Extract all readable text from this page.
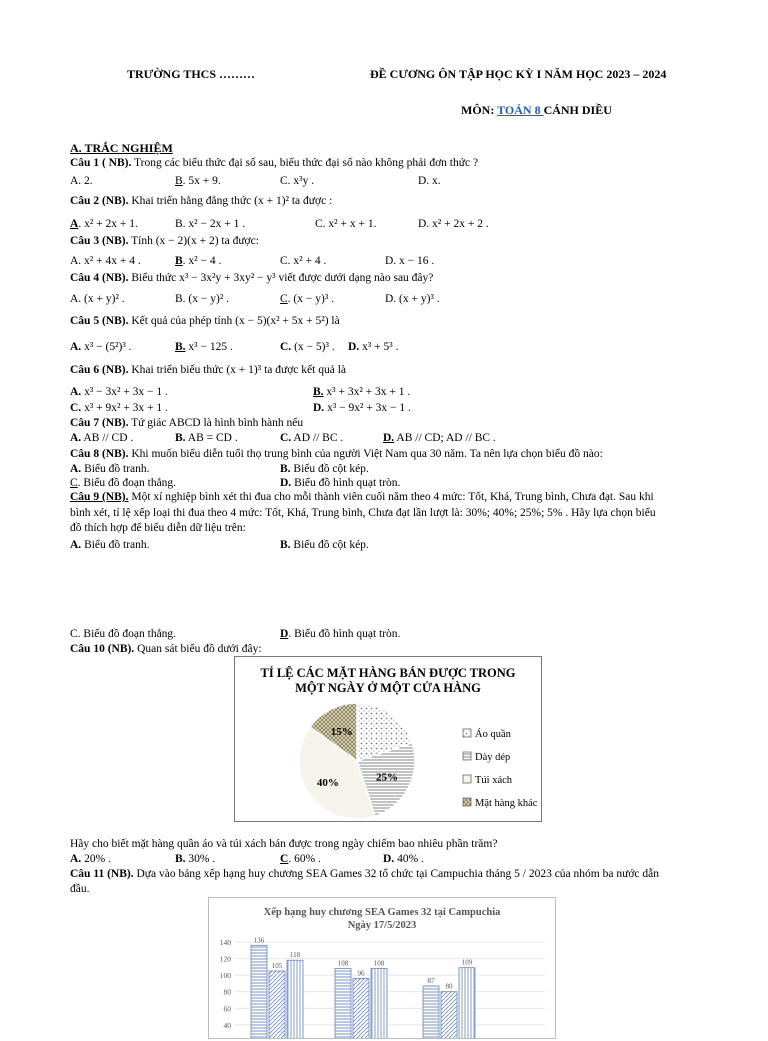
TRƯỜNG THCS ………	ĐỀ CƯƠNG ÔN TẬP HỌC KỲ I NĂM HỌC 2023 – 2024
MÔN: TOÁN 8 CÁNH DIỀU
A. TRẮC NGHIỆM
Câu 1 ( NB). Trong các biểu thức đại số sau, biểu thức đại số nào không phải đơn thức ?
A. 2.	B. 5x + 9.	C. x³y .	D. x.
Câu 2 (NB). Khai triển hằng đẳng thức (x + 1)² ta được :
A. x² + 2x + 1.	B. x² − 2x + 1 .	C. x² + x + 1.	D. x² + 2x + 2 .
Câu 3 (NB). Tính (x − 2)(x + 2) ta được:
A. x² + 4x + 4 .	B. x² − 4 .	C. x² + 4 .	D. x − 16 .
Câu 4 (NB). Biểu thức x³ − 3x²y + 3xy² − y³ viết được dưới dạng nào sau đây?
A. (x + y)² .	B. (x − y)² .	C. (x − y)³ .	D. (x + y)³ .
Câu 5 (NB). Kết quả của phép tính (x − 5)(x² + 5x + 5²) là
A. x³ − (5²)³ .	B. x³ − 125 .	C. (x − 5)³ . D. x³ + 5³ .
Câu 6 (NB). Khai triển biểu thức (x + 1)³ ta được kết quả là
A. x³ − 3x² + 3x − 1 .	B. x³ + 3x² + 3x + 1 .
C. x³ + 9x² + 3x + 1 .	D. x³ − 9x² + 3x − 1 .
Câu 7 (NB). Tứ giác ABCD là hình bình hành nếu
A. AB // CD .	B. AB = CD .	C. AD // BC .	D. AB // CD; AD // BC .
Câu 8 (NB). Khi muốn biểu diễn tuổi thọ trung bình của người Việt Nam qua 30 năm. Ta nên lựa chọn biểu đồ nào:
A. Biểu đồ tranh.	B. Biểu đồ cột kép.
C. Biểu đồ đoạn thẳng.	D. Biểu đồ hình quạt tròn.
Câu 9 (NB). Một xí nghiệp bình xét thi đua cho mỗi thành viên cuối năm theo 4 mức: Tốt, Khá, Trung bình, Chưa đạt. Sau khi
bình xét, tỉ lệ xếp loại thi đua theo 4 mức: Tốt, Khá, Trung bình, Chưa đạt lần lượt là: 30%; 40%; 25%; 5% . Hãy lựa chọn biểu
đồ thích hợp để biểu diễn dữ liệu trên:
A. Biểu đồ tranh.	B. Biểu đồ cột kép.
C. Biểu đồ đoạn thẳng.	D. Biểu đồ hình quạt tròn.
Câu 10 (NB). Quan sát biểu đồ dưới đây:
TỈ LỆ CÁC MẶT HÀNG BÁN ĐƯỢC TRONG
MỘT NGÀY Ở MỘT CỬA HÀNG
25%
40%
15%	Áo quần
Dày dép
Túi xách
Mặt hàng khác
Hãy cho biết mặt hàng quần áo và túi xách bán được trong ngày chiếm bao nhiêu phần trăm?
A. 20% .	B. 30% .	C. 60% .	D. 40% .
Câu 11 (NB). Dựa vào bảng xếp hạng huy chương SEA Games 32 tổ chức tại Campuchia tháng 5 / 2023 của nhóm ba nước dẫn
đầu.
Xếp hạng huy chương SEA Games 32 tại Campuchia
Ngày 17/5/2023
140
120
100
80
60
40
136
105
118
108
96
108
87
80
109
